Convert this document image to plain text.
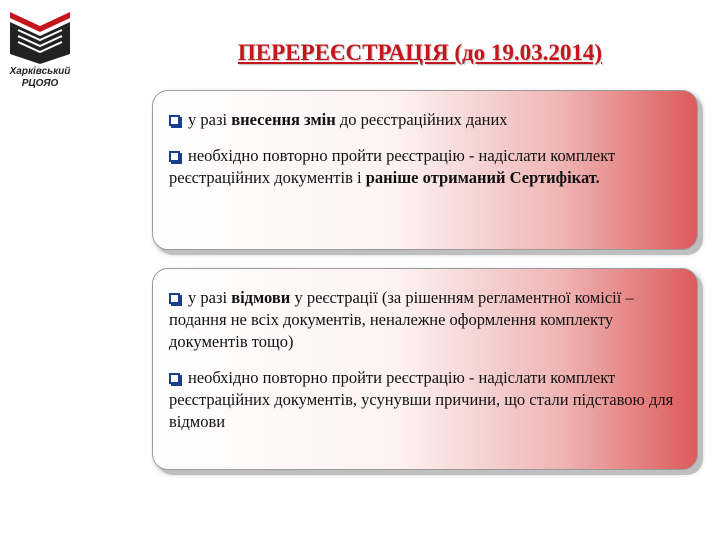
Харківський
РЦОЯО
ПЕРЕРЕЄСТРАЦІЯ (до 19.03.2014)
у разі внесення змін до реєстраційних даних
необхідно повторно пройти реєстрацію - надіслати комплект реєстраційних документів і раніше отриманий Сертифікат.
у разі відмови у реєстрації (за рішенням регламентної комісії – подання не всіх документів, неналежне оформлення комплекту документів тощо)
необхідно повторно пройти реєстрацію - надіслати комплект реєстраційних документів, усунувши причини, що стали підставою для відмови
